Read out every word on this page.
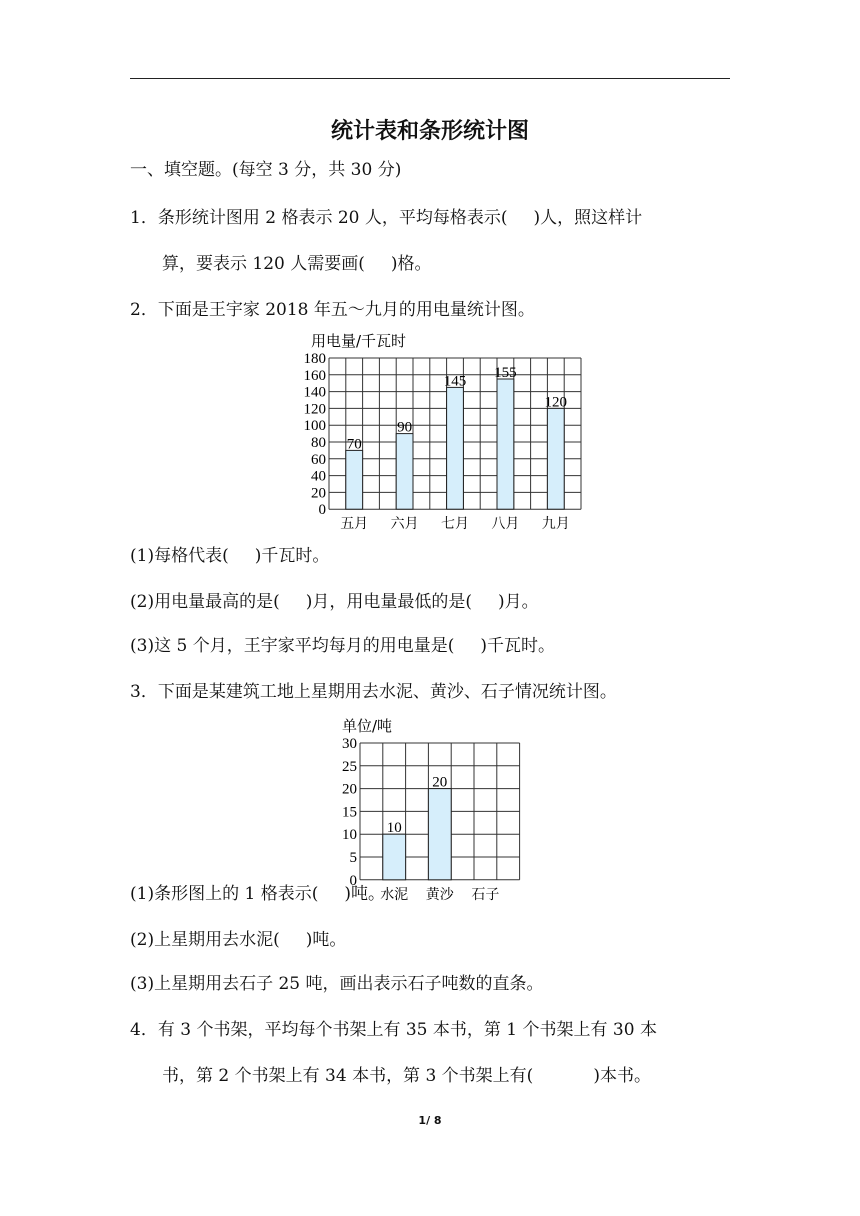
统计表和条形统计图
一、填空题。(每空 3 分，共 30 分)
1．条形统计图用 2 格表示 20 人，平均每格表示( )人，照这样计
算，要表示 120 人需要画( )格。
2．下面是王宇家 2018 年五～九月的用电量统计图。
用电量/千瓦时
0
20
40
60
80
100
120
140
160
180
70
五月
90
六月
145
七月
155
八月
120
九月
(1)每格代表( )千瓦时。
(2)用电量最高的是( )月，用电量最低的是( )月。
(3)这 5 个月，王宇家平均每月的用电量是( )千瓦时。
3．下面是某建筑工地上星期用去水泥、黄沙、石子情况统计图。
单位/吨
0
5
10
15
20
25
30
10
水泥
20
黄沙 石子
(1)条形图上的 1 格表示( )吨。
(2)上星期用去水泥( )吨。
(3)上星期用去石子 25 吨，画出表示石子吨数的直条。
4．有 3 个书架，平均每个书架上有 35 本书，第 1 个书架上有 30 本
书，第 2 个书架上有 34 本书，第 3 个书架上有(	)本书。
1/ 8
